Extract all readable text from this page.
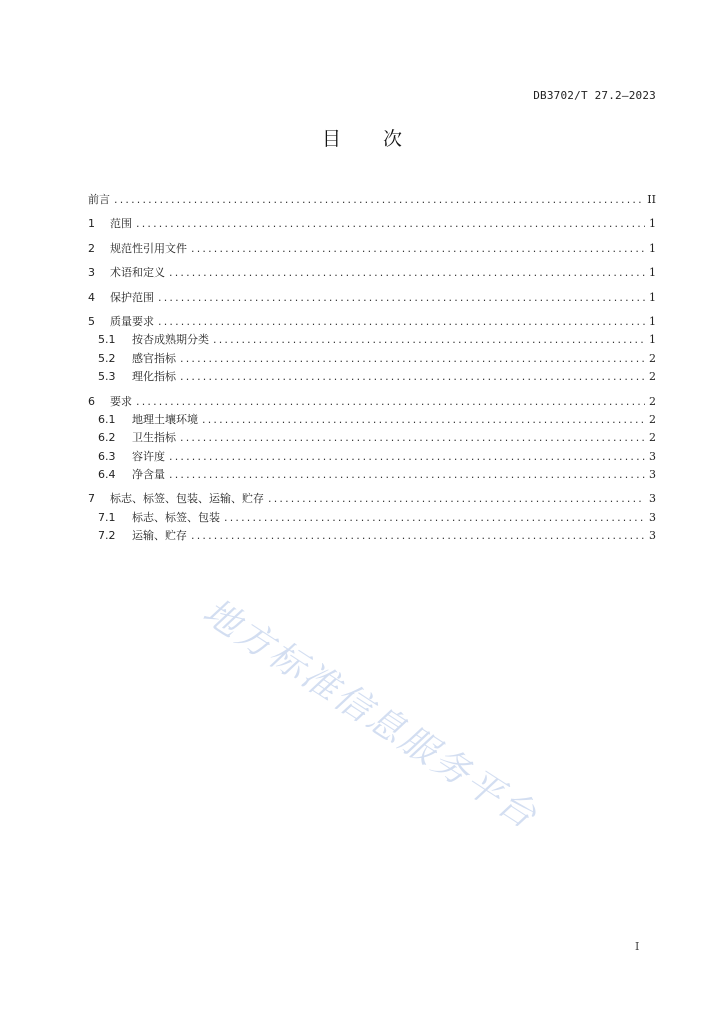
DB3702/T 27.2—2023
目 次
前言 .....	II
1	范围 .....	1
2	规范性引用文件 .....	1
3	术语和定义 .....	1
4	保护范围 .....	1
5	质量要求 .....	1
5.1	按杏成熟期分类 .....	1
5.2	感官指标 .....	2
5.3	理化指标 .....	2
6	要求 .....	2
6.1	地理土壤环境 .....	2
6.2	卫生指标 .....	2
6.3	容许度 .....	3
6.4	净含量 .....	3
7	标志、标签、包装、运输、贮存 .....	3
7.1	标志、标签、包装 .....	3
7.2	运输、贮存 .....	3
地方标准信息服务平台
I
